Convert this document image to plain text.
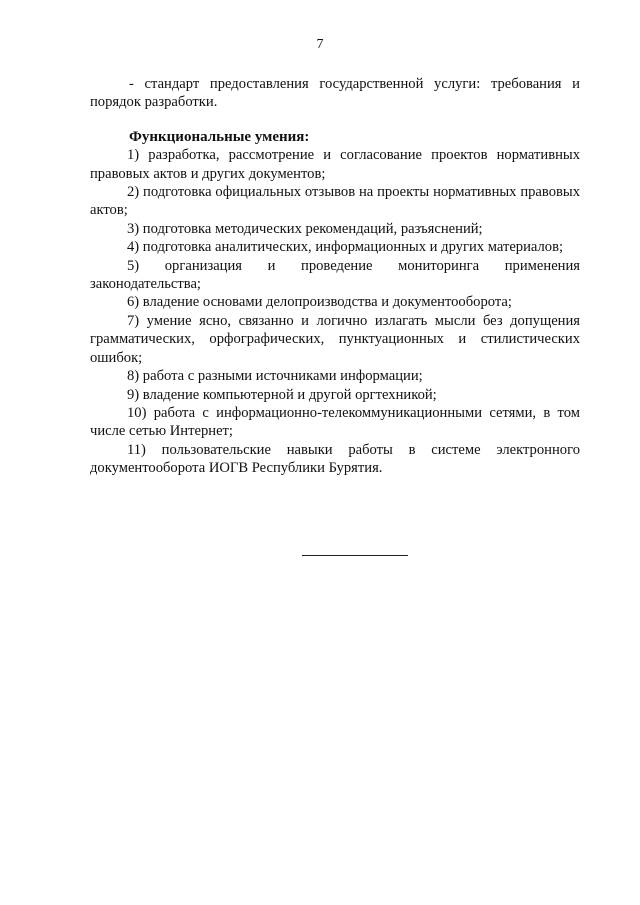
7

- стандарт предоставления государственной услуги: требования и порядок разработки.

Функциональные умения:

1) разработка, рассмотрение и согласование проектов нормативных правовых актов и других документов;

2) подготовка официальных отзывов на проекты нормативных правовых актов;

3) подготовка методических рекомендаций, разъяснений;

4) подготовка аналитических, информационных и других материалов;

5) организация и проведение мониторинга применения законодательства;

6) владение основами делопроизводства и документооборота;

7) умение ясно, связанно и логично излагать мысли без допущения грамматических, орфографических, пунктуационных и стилистических ошибок;

8) работа с разными источниками информации;

9) владение компьютерной и другой оргтехникой;

10) работа с информационно-телекоммуникационными сетями, в том числе сетью Интернет;

11) пользовательские навыки работы в системе электронного документооборота ИОГВ Республики Бурятия.
